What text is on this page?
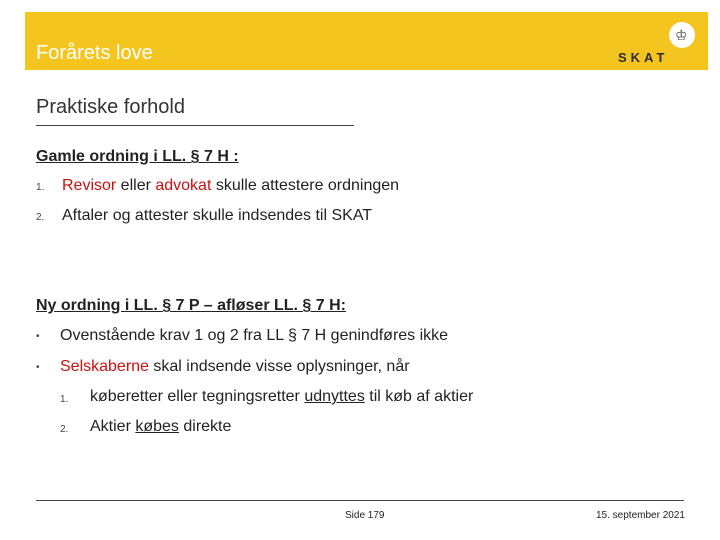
Forårets love
♔
SKAT
Praktiske forhold
Gamle ordning i LL. § 7 H :
1. Revisor eller advokat skulle attestere ordningen
2. Aftaler og attester skulle indsendes til SKAT
Ny ordning i LL. § 7 P – afløser LL. § 7 H:
• Ovenstående krav 1 og 2 fra LL § 7 H genindføres ikke
• Selskaberne skal indsende visse oplysninger, når
1. køberetter eller tegningsretter udnyttes til køb af aktier
2. Aktier købes direkte
Side 179	15. september 2021
